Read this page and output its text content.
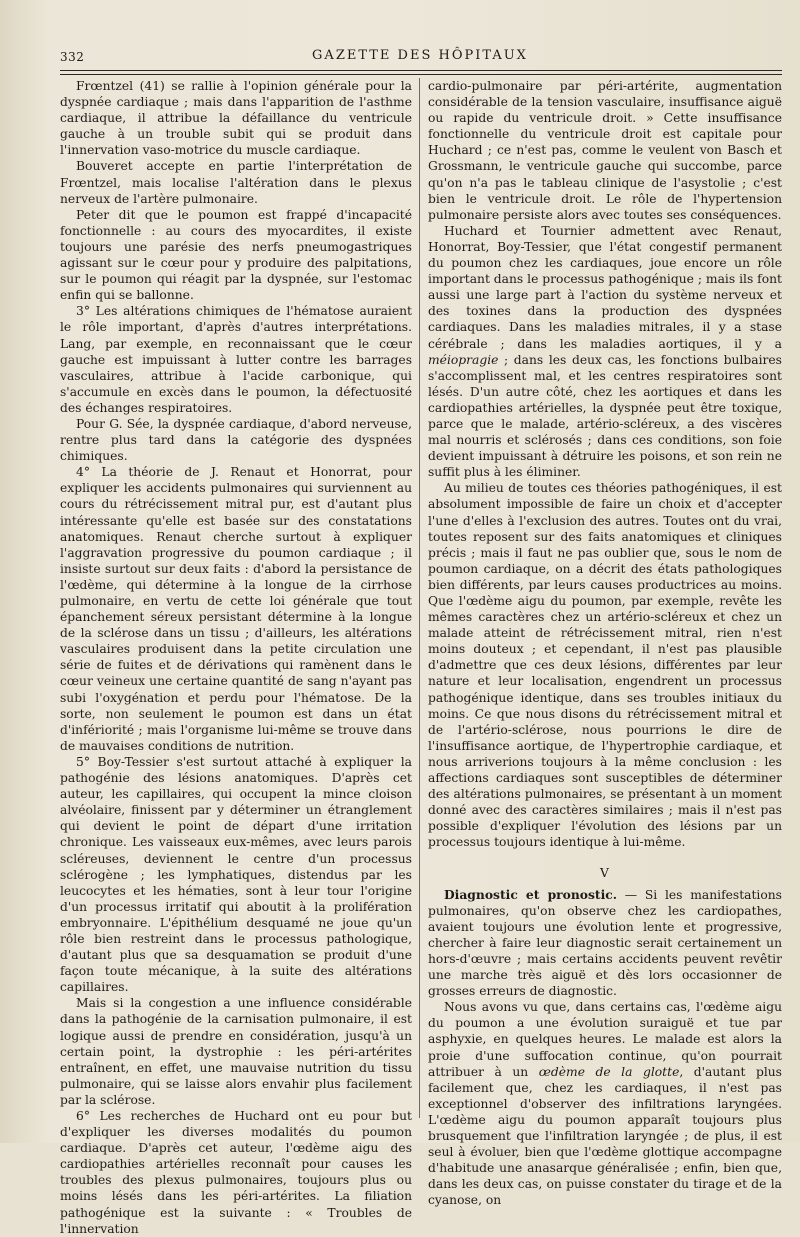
332	GAZETTE DES HÔPITAUX

Frœntzel (41) se rallie à l'opinion générale pour la dyspnée cardiaque ; mais dans l'apparition de l'asthme cardiaque, il attribue la défaillance du ventricule gauche à un trouble subit qui se produit dans l'innervation vaso-motrice du muscle cardiaque.

Bouveret accepte en partie l'interprétation de Frœntzel, mais localise l'altération dans le plexus nerveux de l'artère pulmonaire.

Peter dit que le poumon est frappé d'incapacité fonctionnelle : au cours des myocardites, il existe toujours une parésie des nerfs pneumogastriques agissant sur le cœur pour y produire des palpitations, sur le poumon qui réagit par la dyspnée, sur l'estomac enfin qui se ballonne.

3° Les altérations chimiques de l'hématose auraient le rôle important, d'après d'autres interprétations. Lang, par exemple, en reconnaissant que le cœur gauche est impuissant à lutter contre les barrages vasculaires, attribue à l'acide carbonique, qui s'accumule en excès dans le poumon, la défectuosité des échanges respiratoires.

Pour G. Sée, la dyspnée cardiaque, d'abord nerveuse, rentre plus tard dans la catégorie des dyspnées chimiques.

4° La théorie de J. Renaut et Honorrat, pour expliquer les accidents pulmonaires qui surviennent au cours du rétrécissement mitral pur, est d'autant plus intéressante qu'elle est basée sur des constatations anatomiques. Renaut cherche surtout à expliquer l'aggravation progressive du poumon cardiaque ; il insiste surtout sur deux faits : d'abord la persistance de l'œdème, qui détermine à la longue de la cirrhose pulmonaire, en vertu de cette loi générale que tout épanchement séreux persistant détermine à la longue de la sclérose dans un tissu ; d'ailleurs, les altérations vasculaires produisent dans la petite circulation une série de fuites et de dérivations qui ramènent dans le cœur veineux une certaine quantité de sang n'ayant pas subi l'oxygénation et perdu pour l'hématose. De la sorte, non seulement le poumon est dans un état d'infériorité ; mais l'organisme lui-même se trouve dans de mauvaises conditions de nutrition.

5° Boy-Tessier s'est surtout attaché à expliquer la pathogénie des lésions anatomiques. D'après cet auteur, les capillaires, qui occupent la mince cloison alvéolaire, finissent par y déterminer un étranglement qui devient le point de départ d'une irritation chronique. Les vaisseaux eux-mêmes, avec leurs parois scléreuses, deviennent le centre d'un processus sclérogène ; les lymphatiques, distendus par les leucocytes et les hématies, sont à leur tour l'origine d'un processus irritatif qui aboutit à la prolifération embryonnaire. L'épithélium desquamé ne joue qu'un rôle bien restreint dans le processus pathologique, d'autant plus que sa desquamation se produit d'une façon toute mécanique, à la suite des altérations capillaires.

Mais si la congestion a une influence considérable dans la pathogénie de la carnisation pulmonaire, il est logique aussi de prendre en considération, jusqu'à un certain point, la dystrophie : les péri-artérites entraînent, en effet, une mauvaise nutrition du tissu pulmonaire, qui se laisse alors envahir plus facilement par la sclérose.

6° Les recherches de Huchard ont eu pour but d'expliquer les diverses modalités du poumon cardiaque. D'après cet auteur, l'œdème aigu des cardiopathies artérielles reconnaît pour causes les troubles des plexus pulmonaires, toujours plus ou moins lésés dans les péri-artérites. La filiation pathogénique est la suivante : « Troubles de l'innervation

cardio-pulmonaire par péri-artérite, augmentation considérable de la tension vasculaire, insuffisance aiguë ou rapide du ventricule droit. » Cette insuffisance fonctionnelle du ventricule droit est capitale pour Huchard ; ce n'est pas, comme le veulent von Basch et Grossmann, le ventricule gauche qui succombe, parce qu'on n'a pas le tableau clinique de l'asystolie ; c'est bien le ventricule droit. Le rôle de l'hypertension pulmonaire persiste alors avec toutes ses conséquences.

Huchard et Tournier admettent avec Renaut, Honorrat, Boy-Tessier, que l'état congestif permanent du poumon chez les cardiaques, joue encore un rôle important dans le processus pathogénique ; mais ils font aussi une large part à l'action du système nerveux et des toxines dans la production des dyspnées cardiaques. Dans les maladies mitrales, il y a stase cérébrale ; dans les maladies aortiques, il y a méiopragie ; dans les deux cas, les fonctions bulbaires s'accomplissent mal, et les centres respiratoires sont lésés. D'un autre côté, chez les aortiques et dans les cardiopathies artérielles, la dyspnée peut être toxique, parce que le malade, artério-scléreux, a des viscères mal nourris et sclérosés ; dans ces conditions, son foie devient impuissant à détruire les poisons, et son rein ne suffit plus à les éliminer.

Au milieu de toutes ces théories pathogéniques, il est absolument impossible de faire un choix et d'accepter l'une d'elles à l'exclusion des autres. Toutes ont du vrai, toutes reposent sur des faits anatomiques et cliniques précis ; mais il faut ne pas oublier que, sous le nom de poumon cardiaque, on a décrit des états pathologiques bien différents, par leurs causes productrices au moins. Que l'œdème aigu du poumon, par exemple, revête les mêmes caractères chez un artério-scléreux et chez un malade atteint de rétrécissement mitral, rien n'est moins douteux ; et cependant, il n'est pas plausible d'admettre que ces deux lésions, différentes par leur nature et leur localisation, engendrent un processus pathogénique identique, dans ses troubles initiaux du moins. Ce que nous disons du rétrécissement mitral et de l'artério-sclérose, nous pourrions le dire de l'insuffisance aortique, de l'hypertrophie cardiaque, et nous arriverions toujours à la même conclusion : les affections cardiaques sont susceptibles de déterminer des altérations pulmonaires, se présentant à un moment donné avec des caractères similaires ; mais il n'est pas possible d'expliquer l'évolution des lésions par un processus toujours identique à lui-même.

V

Diagnostic et pronostic. — Si les manifestations pulmonaires, qu'on observe chez les cardiopathes, avaient toujours une évolution lente et progressive, chercher à faire leur diagnostic serait certainement un hors-d'œuvre ; mais certains accidents peuvent revêtir une marche très aiguë et dès lors occasionner de grosses erreurs de diagnostic.

Nous avons vu que, dans certains cas, l'œdème aigu du poumon a une évolution suraiguë et tue par asphyxie, en quelques heures. Le malade est alors la proie d'une suffocation continue, qu'on pourrait attribuer à un œdème de la glotte, d'autant plus facilement que, chez les cardiaques, il n'est pas exceptionnel d'observer des infiltrations laryngées. L'œdème aigu du poumon apparaît toujours plus brusquement que l'infiltration laryngée ; de plus, il est seul à évoluer, bien que l'œdème glottique accompagne d'habitude une anasarque généralisée ; enfin, bien que, dans les deux cas, on puisse constater du tirage et de la cyanose, on
